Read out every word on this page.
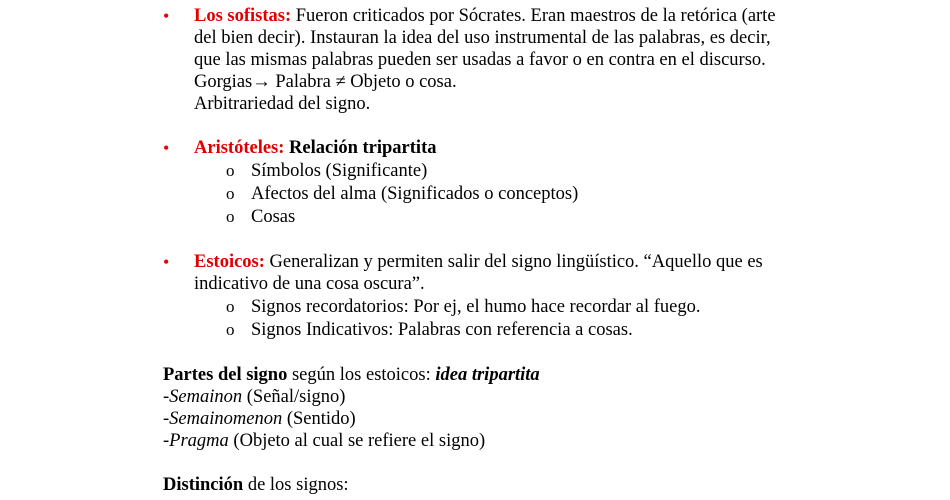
• Los sofistas: Fueron criticados por Sócrates. Eran maestros de la retórica (arte
del bien decir). Instauran la idea del uso instrumental de las palabras, es decir,
que las mismas palabras pueden ser usadas a favor o en contra en el discurso.
Gorgias→ Palabra ≠ Objeto o cosa.
Arbitrariedad del signo.
• Aristóteles: Relación tripartita
o Símbolos (Significante)
o Afectos del alma (Significados o conceptos)
o Cosas
• Estoicos: Generalizan y permiten salir del signo lingüístico. “Aquello que es
indicativo de una cosa oscura”.
o Signos recordatorios: Por ej, el humo hace recordar al fuego.
o Signos Indicativos: Palabras con referencia a cosas.
Partes del signo según los estoicos: idea tripartita
-Semainon (Señal/signo)
-Semainomenon (Sentido)
-Pragma (Objeto al cual se refiere el signo)
Distinción de los signos:
